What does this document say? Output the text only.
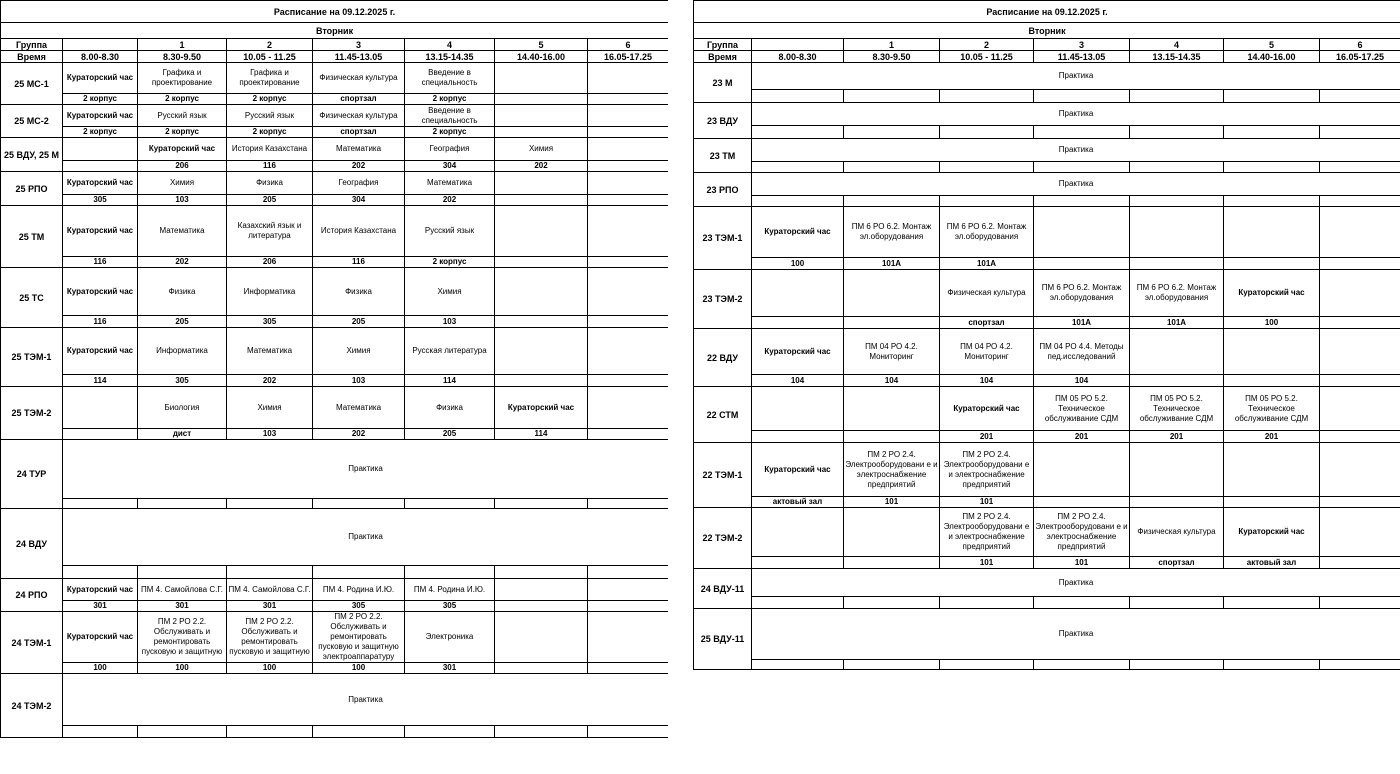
Расписание на 09.12.2025 г.							
Вторник							
Группа		1	2	3	4	5	6
Время	8.00-8.30	8.30-9.50	10.05 - 11.25	11.45-13.05	13.15-14.35	14.40-16.00	16.05-17.25
25 МС-1	Кураторский час	Графика и проектирование	Графика и проектирование	Физическая культура	Введение в специальность		
	2 корпус	2 корпус	2 корпус	спортзал	2 корпус		
25 МС-2	Кураторский час	Русский язык	Русский язык	Физическая культура	Введение в специальность		
	2 корпус	2 корпус	2 корпус	спортзал	2 корпус		
25 ВДУ, 25 М		Кураторский час	История Казахстана	Математика	География	Химия	
		206	116	202	304	202	
25 РПО	Кураторский час	Химия	Физика	География	Математика		
	305	103	205	304	202		
25 ТМ	Кураторский час	Математика	Казахский язык и литература	История Казахстана	Русский язык		
	116	202	206	116	2 корпус		
25 ТС	Кураторский час	Физика	Информатика	Физика	Химия		
	116	205	305	205	103		
25 ТЭМ-1	Кураторский час	Информатика	Математика	Химия	Русская литература		
	114	305	202	103	114		
25 ТЭМ-2		Биология	Химия	Математика	Физика	Кураторский час	
		дист	103	202	205	114	
24 ТУР	Практика						

24 ВДУ	Практика						

24 РПО	Кураторский час	ПМ 4. Самойлова С.Г.	ПМ 4. Самойлова С.Г.	ПМ 4. Родина И.Ю.	ПМ 4. Родина И.Ю.		
	301	301	301	305	305		
24 ТЭМ-1	Кураторский час	ПМ 2 РО 2.2. Обслуживать и ремонтировать пусковую и защитную	ПМ 2 РО 2.2. Обслуживать и ремонтировать пусковую и защитную	ПМ 2 РО 2.2. Обслуживать и ремонтировать пусковую и защитную электроаппаратуру	Электроника		
	100	100	100	100	301		
24 ТЭМ-2	Практика						

Расписание на 09.12.2025 г.							
Вторник							
Группа		1	2	3	4	5	6
Время	8.00-8.30	8.30-9.50	10.05 - 11.25	11.45-13.05	13.15-14.35	14.40-16.00	16.05-17.25
23 М	Практика						

23 ВДУ	Практика						

23 ТМ	Практика						

23 РПО	Практика						

23 ТЭМ-1	Кураторский час	ПМ 6 РО 6.2. Монтаж эл.оборудования	ПМ 6 РО 6.2. Монтаж эл.оборудования				
	100	101А	101А				
23 ТЭМ-2			Физическая культура	ПМ 6 РО 6.2. Монтаж эл.оборудования	ПМ 6 РО 6.2. Монтаж эл.оборудования	Кураторский час	
			спортзал	101А	101А	100	
22 ВДУ	Кураторский час	ПМ 04 РО 4.2. Мониторинг	ПМ 04 РО 4.2. Мониторинг	ПМ 04 РО 4.4. Методы пед.исследований			
	104	104	104	104			
22 СТМ			Кураторский час	ПМ 05 РО 5.2. Техническое обслуживание СДМ	ПМ 05 РО 5.2. Техническое обслуживание СДМ	ПМ 05 РО 5.2. Техническое обслуживание СДМ	
			201	201	201	201	
22 ТЭМ-1	Кураторский час	ПМ 2 РО 2.4. Электрооборудовани е и электроснабжение предприятий	ПМ 2 РО 2.4. Электрооборудовани е и электроснабжение предприятий				
	актовый зал	101	101				
22 ТЭМ-2			ПМ 2 РО 2.4. Электрооборудовани е и электроснабжение предприятий	ПМ 2 РО 2.4. Электрооборудовани е и электроснабжение предприятий	Физическая культура	Кураторский час	
			101	101	спортзал	актовый зал	
24 ВДУ-11	Практика						

25 ВДУ-11	Практика						
